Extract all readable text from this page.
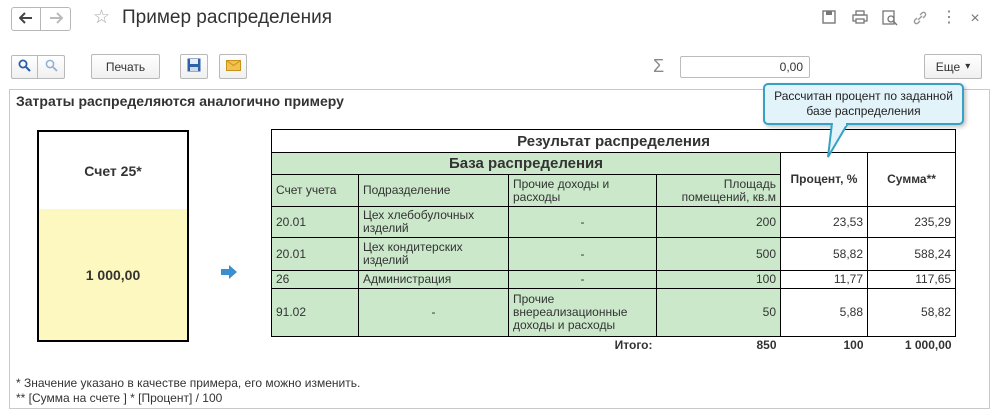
☆ Пример распределения	⋮ ×
Печать	Σ	0,00	Еще ▾
Затраты распределяются аналогично примеру
Счет 25*
1 000,00
Результат распределения					
База распределения				Процент, %	Сумма**
Счет учета	Подразделение	Прочие доходы и расходы	Площадь помещений, кв.м		
20.01	Цех хлебобулочных изделий	-	200	23,53	235,29
20.01	Цех кондитерских изделий	-	500	58,82	588,24
26	Администрация	-	100	11,77	117,65
91.02	-	Прочие внереализационные доходы и расходы	50	5,88	58,82
		Итого:	850	100	1 000,00
Рассчитан процент по заданной базе распределения
* Значение указано в качестве примера, его можно изменить.
** [Сумма на счете ] * [Процент] / 100
